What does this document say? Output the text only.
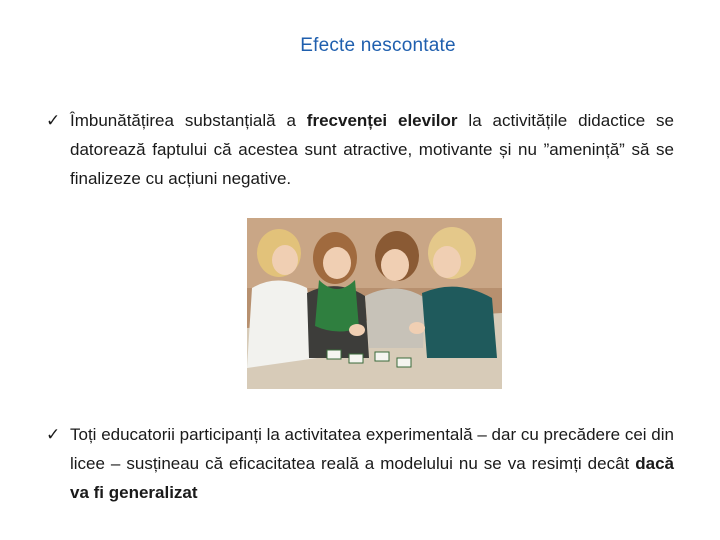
Efecte nescontate
✓ Îmbunătățirea substanțială a frecvenței elevilor la activitățile didactice se datorează faptului că acestea sunt atractive, motivante și nu ”amenință” să se finalizeze cu acțiuni negative.
✓ Toți educatorii participanți la activitatea experimentală – dar cu precădere cei din licee – susțineau că eficacitatea reală a modelului nu se va resimți decât dacă va fi generalizat
